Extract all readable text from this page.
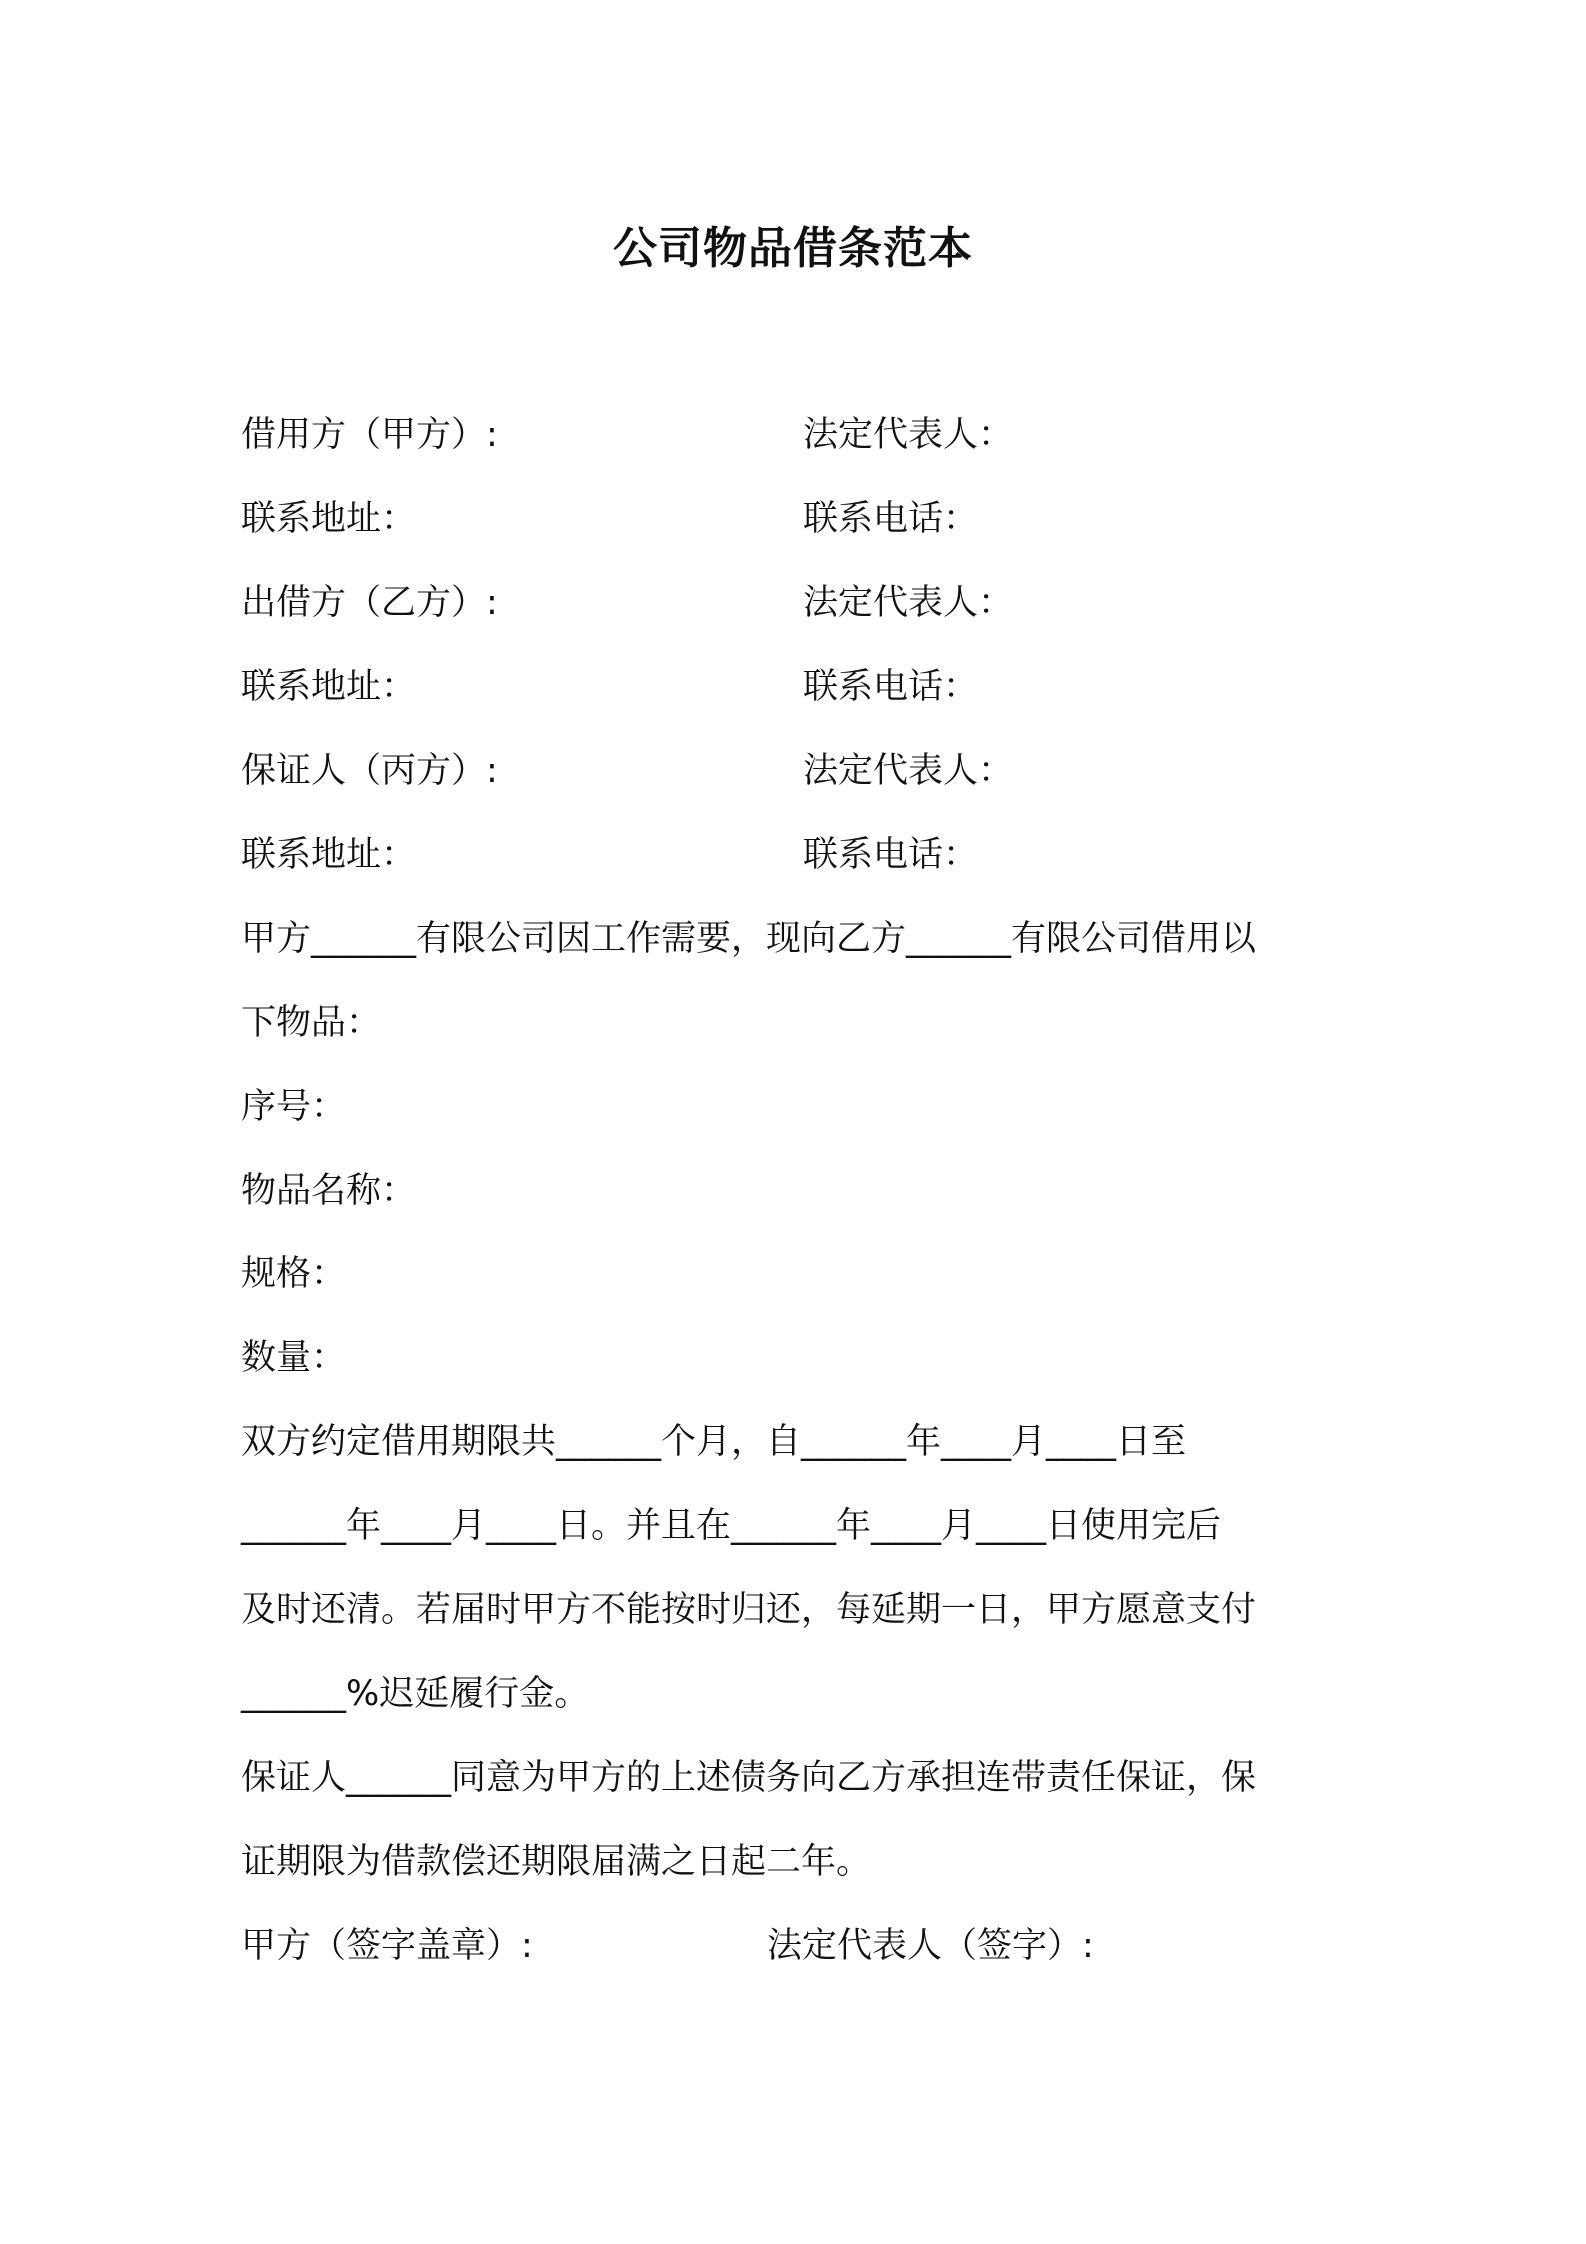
公司物品借条范本
借用方（甲方）:	法定代表人：
联系地址：	联系电话：
出借方（乙方）:	法定代表人：
联系地址：	联系电话：
保证人（丙方）:	法定代表人：
联系地址：	联系电话：
甲方______有限公司因工作需要，现向乙方______有限公司借用以
下物品：
序号：
物品名称：
规格：
数量：
双方约定借用期限共______个月，自______年____月____日至
______年____月____日。并且在______年____月____日使用完后
及时还清。若届时甲方不能按时归还，每延期一日，甲方愿意支付
______%迟延履行金。
保证人______同意为甲方的上述债务向乙方承担连带责任保证，保
证期限为借款偿还期限届满之日起二年。
甲方（签字盖章）:	法定代表人（签字）:
